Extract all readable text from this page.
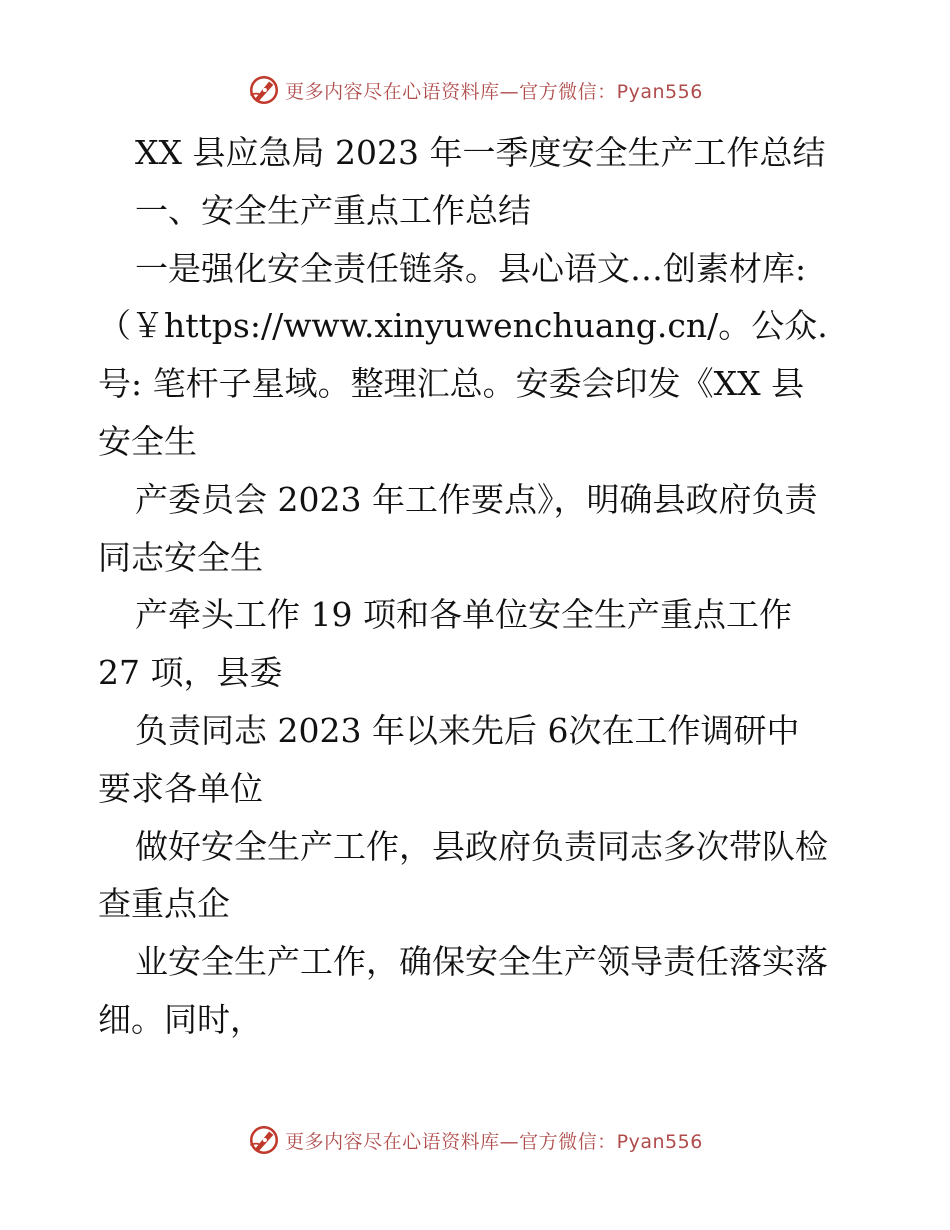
更多内容尽在心语资料库—官方微信：Pyan556
XX 县应急局 2023 年一季度安全生产工作总结
一、安全生产重点工作总结
一是强化安全责任链条。县心语文…创素材库:
（￥https://www.xinyuwenchuang.cn/。公众.
号: 笔杆子星域。整理汇总。安委会印发《XX 县
安全生
产委员会 2023 年工作要点》，明确县政府负责
同志安全生
产牵头工作 19 项和各单位安全生产重点工作
27 项，县委
负责同志 2023 年以来先后 6次在工作调研中
要求各单位
做好安全生产工作，县政府负责同志多次带队检
查重点企
业安全生产工作，确保安全生产领导责任落实落
细。同时，
更多内容尽在心语资料库—官方微信：Pyan556
